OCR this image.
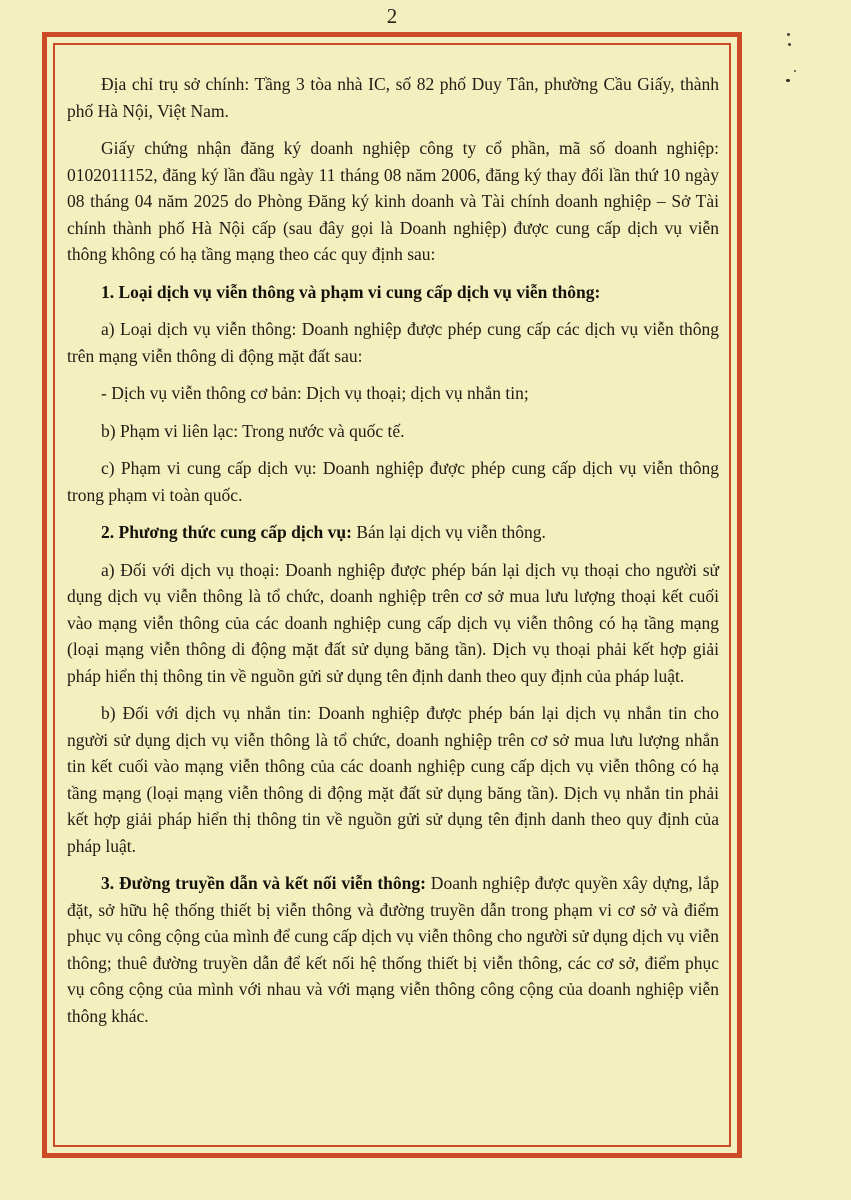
2

Địa chỉ trụ sở chính: Tầng 3 tòa nhà IC, số 82 phố Duy Tân, phường Cầu Giấy, thành phố Hà Nội, Việt Nam.

Giấy chứng nhận đăng ký doanh nghiệp công ty cổ phần, mã số doanh nghiệp: 0102011152, đăng ký lần đầu ngày 11 tháng 08 năm 2006, đăng ký thay đổi lần thứ 10 ngày 08 tháng 04 năm 2025 do Phòng Đăng ký kinh doanh và Tài chính doanh nghiệp – Sở Tài chính thành phố Hà Nội cấp (sau đây gọi là Doanh nghiệp) được cung cấp dịch vụ viễn thông không có hạ tầng mạng theo các quy định sau:

1. Loại dịch vụ viễn thông và phạm vi cung cấp dịch vụ viễn thông:

a) Loại dịch vụ viễn thông: Doanh nghiệp được phép cung cấp các dịch vụ viễn thông trên mạng viễn thông di động mặt đất sau:

- Dịch vụ viễn thông cơ bản: Dịch vụ thoại; dịch vụ nhắn tin;

b) Phạm vi liên lạc: Trong nước và quốc tế.

c) Phạm vi cung cấp dịch vụ: Doanh nghiệp được phép cung cấp dịch vụ viễn thông trong phạm vi toàn quốc.

2. Phương thức cung cấp dịch vụ: Bán lại dịch vụ viễn thông.

a) Đối với dịch vụ thoại: Doanh nghiệp được phép bán lại dịch vụ thoại cho người sử dụng dịch vụ viễn thông là tổ chức, doanh nghiệp trên cơ sở mua lưu lượng thoại kết cuối vào mạng viễn thông của các doanh nghiệp cung cấp dịch vụ viễn thông có hạ tầng mạng (loại mạng viễn thông di động mặt đất sử dụng băng tần). Dịch vụ thoại phải kết hợp giải pháp hiển thị thông tin về nguồn gửi sử dụng tên định danh theo quy định của pháp luật.

b) Đối với dịch vụ nhắn tin: Doanh nghiệp được phép bán lại dịch vụ nhắn tin cho người sử dụng dịch vụ viễn thông là tổ chức, doanh nghiệp trên cơ sở mua lưu lượng nhắn tin kết cuối vào mạng viễn thông của các doanh nghiệp cung cấp dịch vụ viễn thông có hạ tầng mạng (loại mạng viễn thông di động mặt đất sử dụng băng tần). Dịch vụ nhắn tin phải kết hợp giải pháp hiển thị thông tin về nguồn gửi sử dụng tên định danh theo quy định của pháp luật.

3. Đường truyền dẫn và kết nối viễn thông: Doanh nghiệp được quyền xây dựng, lắp đặt, sở hữu hệ thống thiết bị viễn thông và đường truyền dẫn trong phạm vi cơ sở và điểm phục vụ công cộng của mình để cung cấp dịch vụ viễn thông cho người sử dụng dịch vụ viễn thông; thuê đường truyền dẫn để kết nối hệ thống thiết bị viễn thông, các cơ sở, điểm phục vụ công cộng của mình với nhau và với mạng viễn thông công cộng của doanh nghiệp viễn thông khác.
